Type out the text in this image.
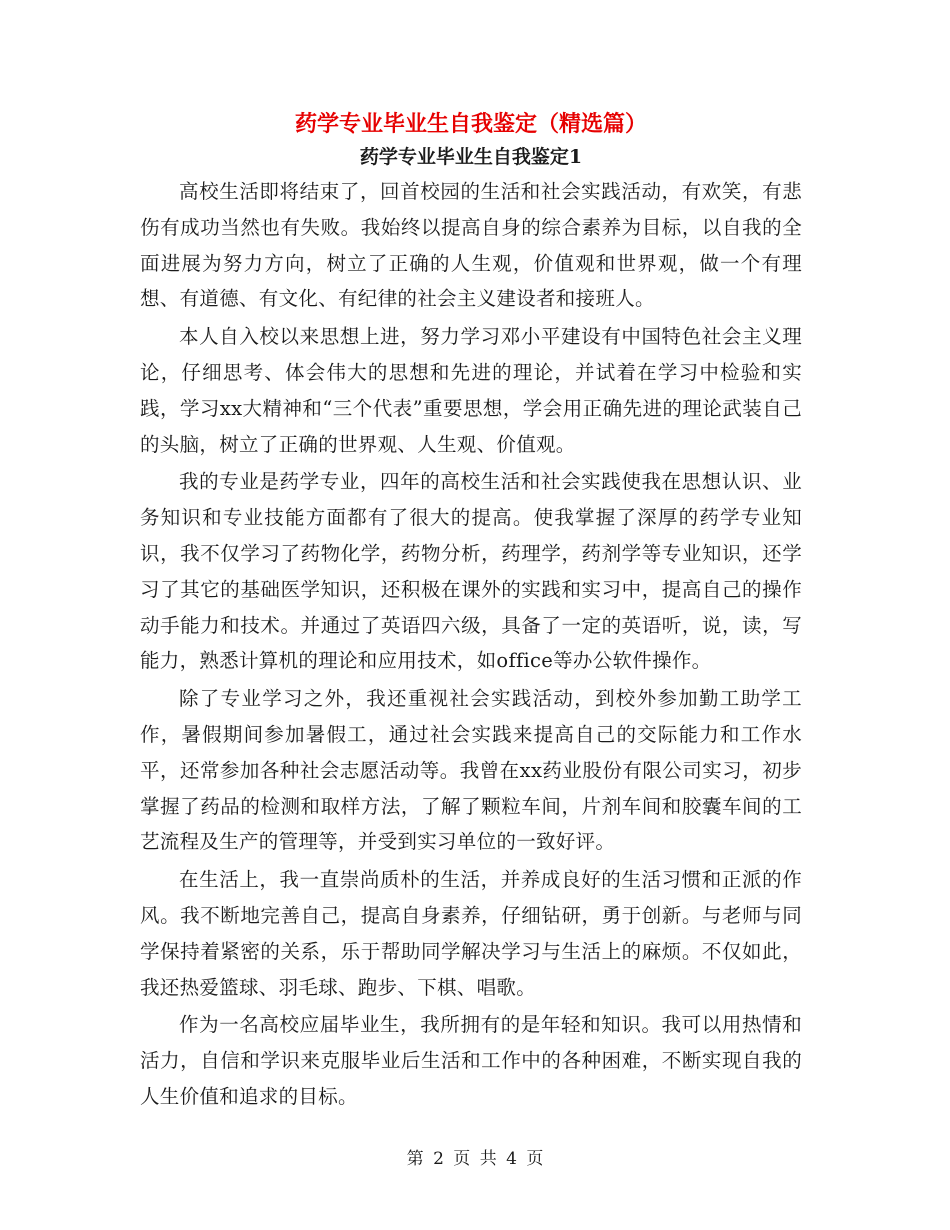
药学专业毕业生自我鉴定（精选篇）
药学专业毕业生自我鉴定1

高校生活即将结束了，回首校园的生活和社会实践活动，有欢笑，有悲伤有成功当然也有失败。我始终以提高自身的综合素养为目标，以自我的全面进展为努力方向，树立了正确的人生观，价值观和世界观，做一个有理想、有道德、有文化、有纪律的社会主义建设者和接班人。

本人自入校以来思想上进，努力学习邓小平建设有中国特色社会主义理论，仔细思考、体会伟大的思想和先进的理论，并试着在学习中检验和实践，学习xx大精神和“三个代表”重要思想，学会用正确先进的理论武装自己的头脑，树立了正确的世界观、人生观、价值观。

我的专业是药学专业，四年的高校生活和社会实践使我在思想认识、业务知识和专业技能方面都有了很大的提高。使我掌握了深厚的药学专业知识，我不仅学习了药物化学，药物分析，药理学，药剂学等专业知识，还学习了其它的基础医学知识，还积极在课外的实践和实习中，提高自己的操作动手能力和技术。并通过了英语四六级，具备了一定的英语听，说，读，写能力，熟悉计算机的理论和应用技术，如office等办公软件操作。

除了专业学习之外，我还重视社会实践活动，到校外参加勤工助学工作，暑假期间参加暑假工，通过社会实践来提高自己的交际能力和工作水平，还常参加各种社会志愿活动等。我曾在xx药业股份有限公司实习，初步掌握了药品的检测和取样方法，了解了颗粒车间，片剂车间和胶囊车间的工艺流程及生产的管理等，并受到实习单位的一致好评。

在生活上，我一直崇尚质朴的生活，并养成良好的生活习惯和正派的作风。我不断地完善自己，提高自身素养，仔细钻研，勇于创新。与老师与同学保持着紧密的关系，乐于帮助同学解决学习与生活上的麻烦。不仅如此，我还热爱篮球、羽毛球、跑步、下棋、唱歌。

作为一名高校应届毕业生，我所拥有的是年轻和知识。我可以用热情和活力，自信和学识来克服毕业后生活和工作中的各种困难，不断实现自我的人生价值和追求的目标。

第 2 页 共 4 页
